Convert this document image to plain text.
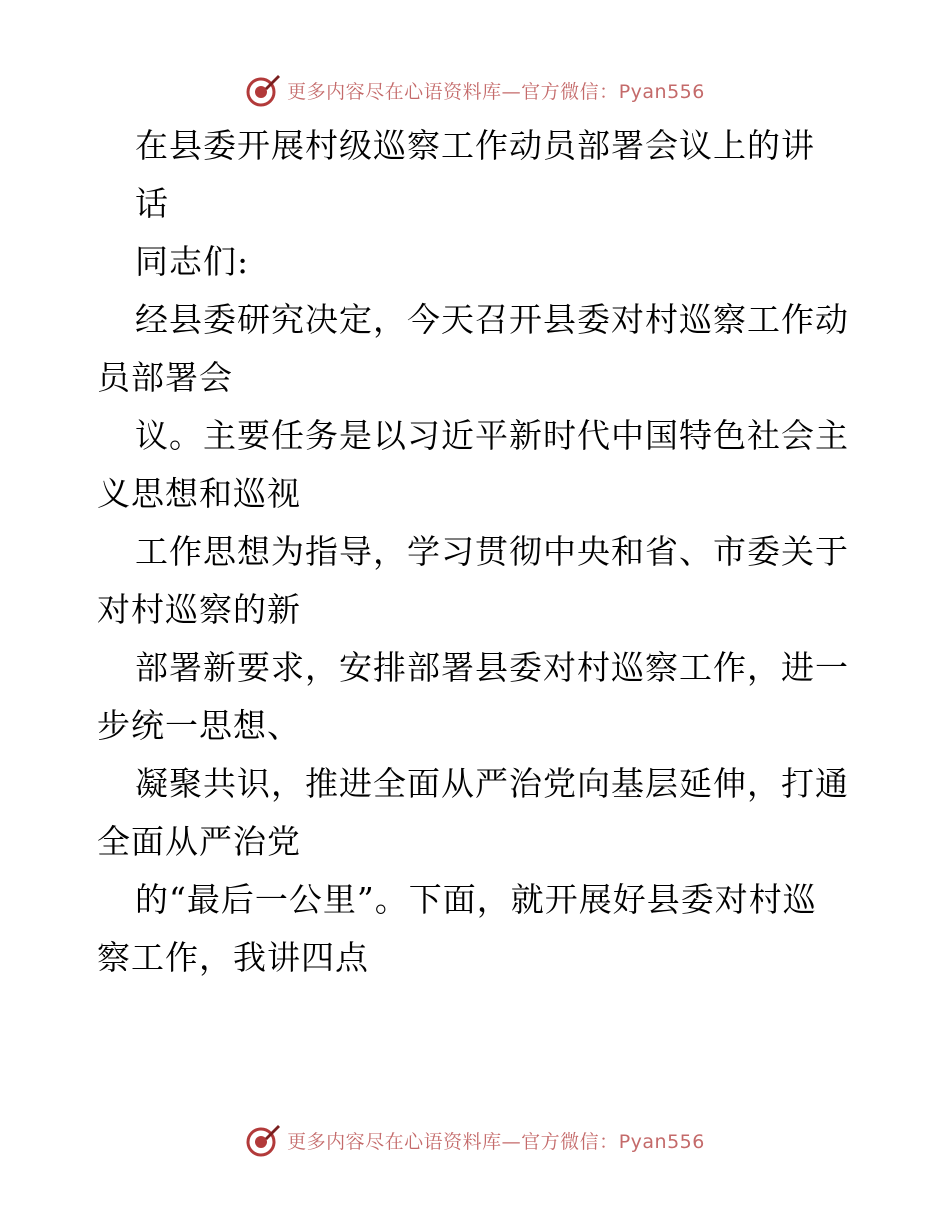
更多内容尽在心语资料库—官方微信：Pyan556
在县委开展村级巡察工作动员部署会议上的讲
话
同志们:
经县委研究决定，今天召开县委对村巡察工作动
员部署会
议。主要任务是以习近平新时代中国特色社会主
义思想和巡视
工作思想为指导，学习贯彻中央和省、市委关于
对村巡察的新
部署新要求，安排部署县委对村巡察工作，进一
步统一思想、
凝聚共识，推进全面从严治党向基层延伸，打通
全面从严治党
的“最后一公里”。下面，就开展好县委对村巡
察工作，我讲四点
更多内容尽在心语资料库—官方微信：Pyan556
